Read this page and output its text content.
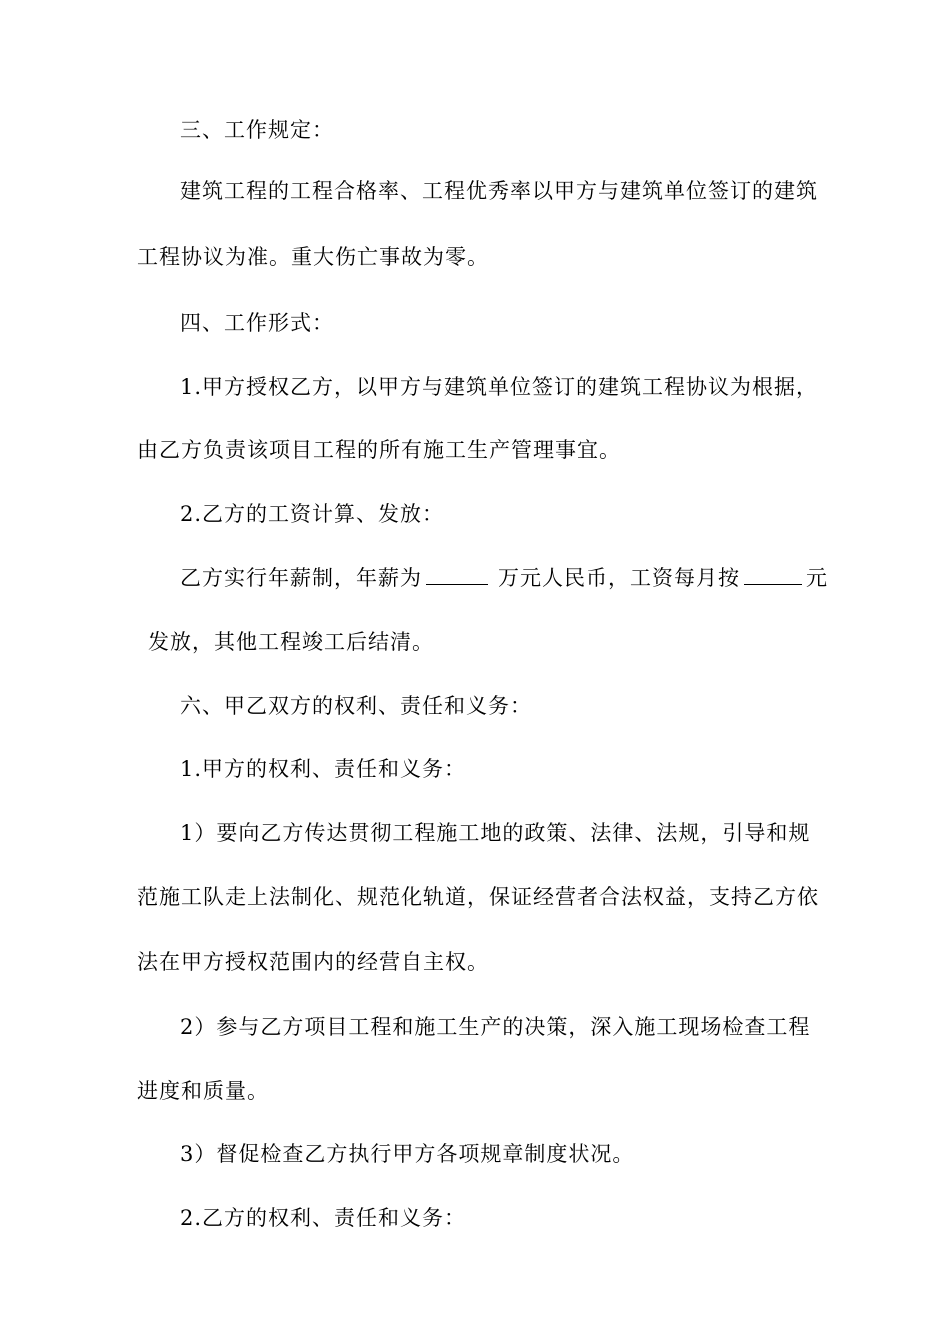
三、工作规定：
建筑工程的工程合格率、工程优秀率以甲方与建筑单位签订的建筑
工程协议为准。重大伤亡事故为零。
四、工作形式：
1.甲方授权乙方，以甲方与建筑单位签订的建筑工程协议为根据，
由乙方负责该项目工程的所有施工生产管理事宜。
2.乙方的工资计算、发放：
乙方实行年薪制，年薪为	万元人民币，工资每月按	元
发放，其他工程竣工后结清。
六、甲乙双方的权利、责任和义务：
1.甲方的权利、责任和义务：
1）要向乙方传达贯彻工程施工地的政策、法律、法规，引导和规
范施工队走上法制化、规范化轨道，保证经营者合法权益，支持乙方依
法在甲方授权范围内的经营自主权。
2）参与乙方项目工程和施工生产的决策，深入施工现场检查工程
进度和质量。
3）督促检查乙方执行甲方各项规章制度状况。
2.乙方的权利、责任和义务：
